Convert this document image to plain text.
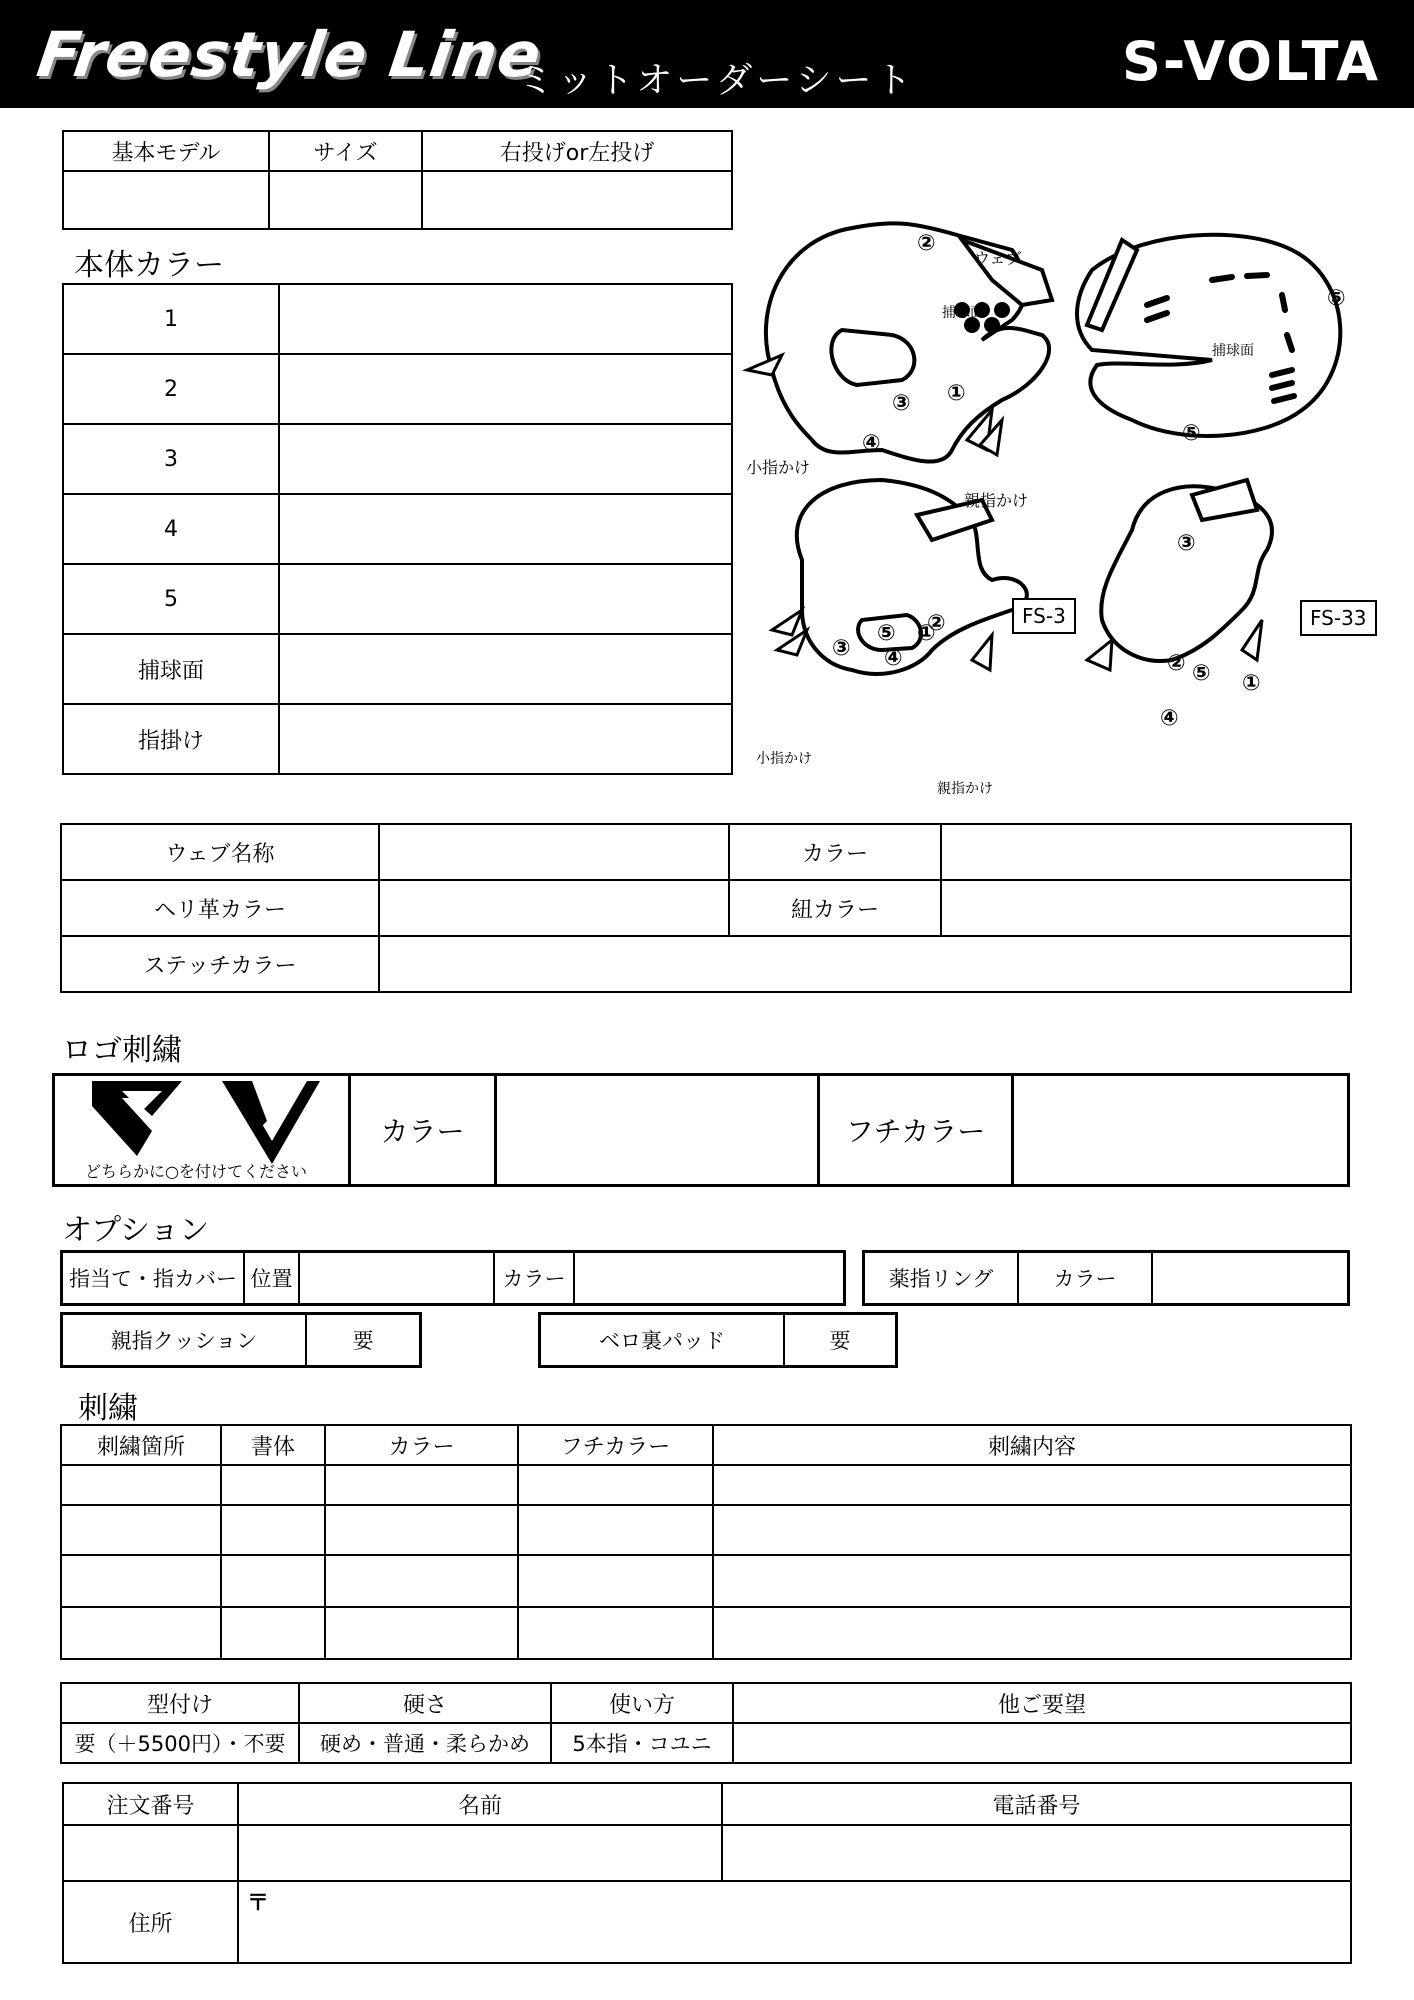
Freestyle Line
ミットオーダーシート	S-VOLTA
基本モデル	サイズ	右投げor左投げ

本体カラー
1	
2	
3	
4	
5	
捕球面	
指掛け	
②
①
③
④
⑤
⑤
③
⑤
④
①
②
③
② ⑤
④
①
ウェブ
捕球面
捕球面
小指かけ
親指かけ
小指かけ
親指かけ
FS-3	FS-33
ウェブ名称		カラー	
ヘリ革カラー		紐カラー	
ステッチカラー			
ロゴ刺繍
どちらかに○を付けてください
カラー	フチカラー
オプション
指当て・指カバー 位置	カラー	薬指リング	カラー
親指クッション	要	ベロ裏パッド	要
刺繍
刺繍箇所	書体	カラー	フチカラー	刺繍内容

型付け	硬さ	使い方	他ご要望
要（＋5500円）・不要	硬め・普通・柔らかめ	5本指・コユニ	
注文番号	名前	電話番号

住所	〒	
